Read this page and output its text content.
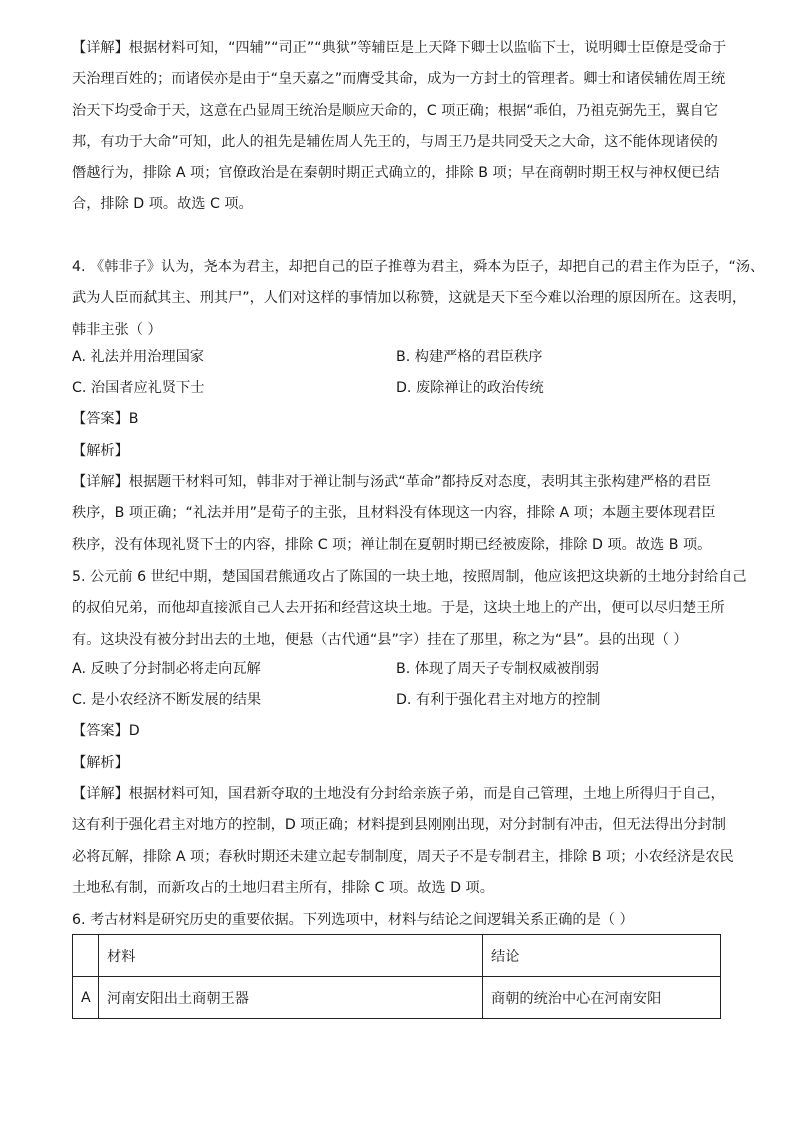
【详解】根据材料可知，“四辅”“司正”“典狱”等辅臣是上天降下卿士以监临下士，说明卿士臣僚是受命于
天治理百姓的；而诸侯亦是由于“皇天嘉之”而膺受其命，成为一方封土的管理者。卿士和诸侯辅佐周王统
治天下均受命于天，这意在凸显周王统治是顺应天命的，C 项正确；根据“乖伯，乃祖克弼先王，翼自它
邦，有功于大命”可知，此人的祖先是辅佐周人先王的，与周王乃是共同受天之大命，这不能体现诸侯的
僭越行为，排除 A 项；官僚政治是在秦朝时期正式确立的，排除 B 项；早在商朝时期王权与神权便已结
合，排除 D 项。故选 C 项。
4. 《韩非子》认为，尧本为君主，却把自己的臣子推尊为君主，舜本为臣子，却把自己的君主作为臣子，“汤、
武为人臣而弑其主、刑其尸”，人们对这样的事情加以称赞，这就是天下至今难以治理的原因所在。这表明，
韩非主张（ ）
A. 礼法并用治理国家	B. 构建严格的君臣秩序
C. 治国者应礼贤下士	D. 废除禅让的政治传统
【答案】B
【解析】
【详解】根据题干材料可知，韩非对于禅让制与汤武“革命”都持反对态度，表明其主张构建严格的君臣
秩序，B 项正确；“礼法并用”是荀子的主张，且材料没有体现这一内容，排除 A 项；本题主要体现君臣
秩序，没有体现礼贤下士的内容，排除 C 项；禅让制在夏朝时期已经被废除，排除 D 项。故选 B 项。
5. 公元前 6 世纪中期，楚国国君熊通攻占了陈国的一块土地，按照周制，他应该把这块新的土地分封给自己
的叔伯兄弟，而他却直接派自己人去开拓和经营这块土地。于是，这块土地上的产出，便可以尽归楚王所
有。这块没有被分封出去的土地，便悬（古代通“县”字）挂在了那里，称之为“县”。县的出现（ ）
A. 反映了分封制必将走向瓦解	B. 体现了周天子专制权威被削弱
C. 是小农经济不断发展的结果	D. 有利于强化君主对地方的控制
【答案】D
【解析】
【详解】根据材料可知，国君新夺取的土地没有分封给亲族子弟，而是自己管理，土地上所得归于自己，
这有利于强化君主对地方的控制，D 项正确；材料提到县刚刚出现，对分封制有冲击，但无法得出分封制
必将瓦解，排除 A 项；春秋时期还未建立起专制制度，周天子不是专制君主，排除 B 项；小农经济是农民
土地私有制，而新攻占的土地归君主所有，排除 C 项。故选 D 项。
6. 考古材料是研究历史的重要依据。下列选项中，材料与结论之间逻辑关系正确的是（ ）
	材料	结论
A	河南安阳出土商朝王器	商朝的统治中心在河南安阳
